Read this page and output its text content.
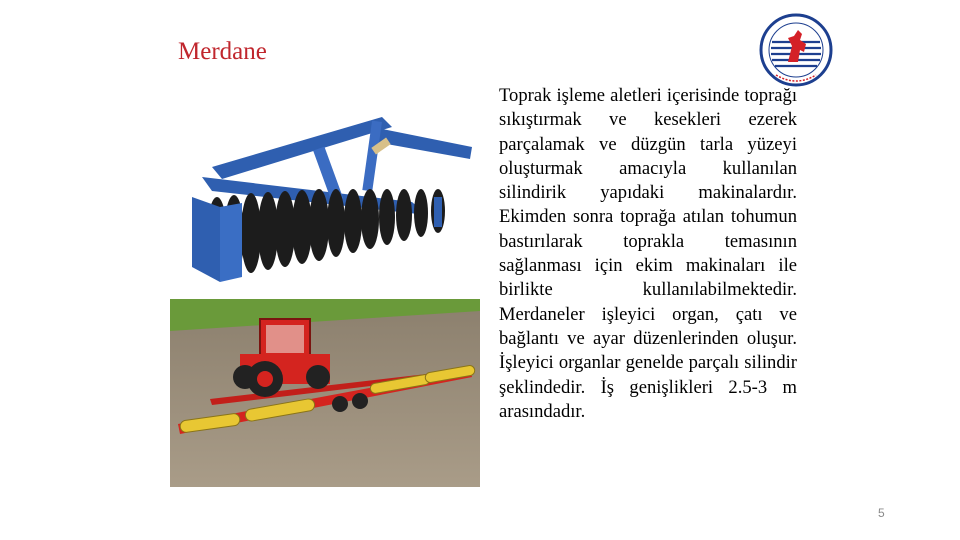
Merdane
Toprak işleme aletleri içerisinde toprağı sıkıştırmak ve kesekleri ezerek parçalamak ve düzgün tarla yüzeyi oluşturmak amacıyla kullanılan silindirik yapıdaki makinalardır. Ekimden sonra toprağa atılan tohumun bastırılarak toprakla temasının sağlanması için ekim makinaları ile birlikte kullanılabilmektedir. Merdaneler işleyici organ, çatı ve bağlantı ve ayar düzenlerinden oluşur. İşleyici organlar genelde parçalı silindir şeklindedir. İş genişlikleri 2.5-3 m arasındadır.
5
